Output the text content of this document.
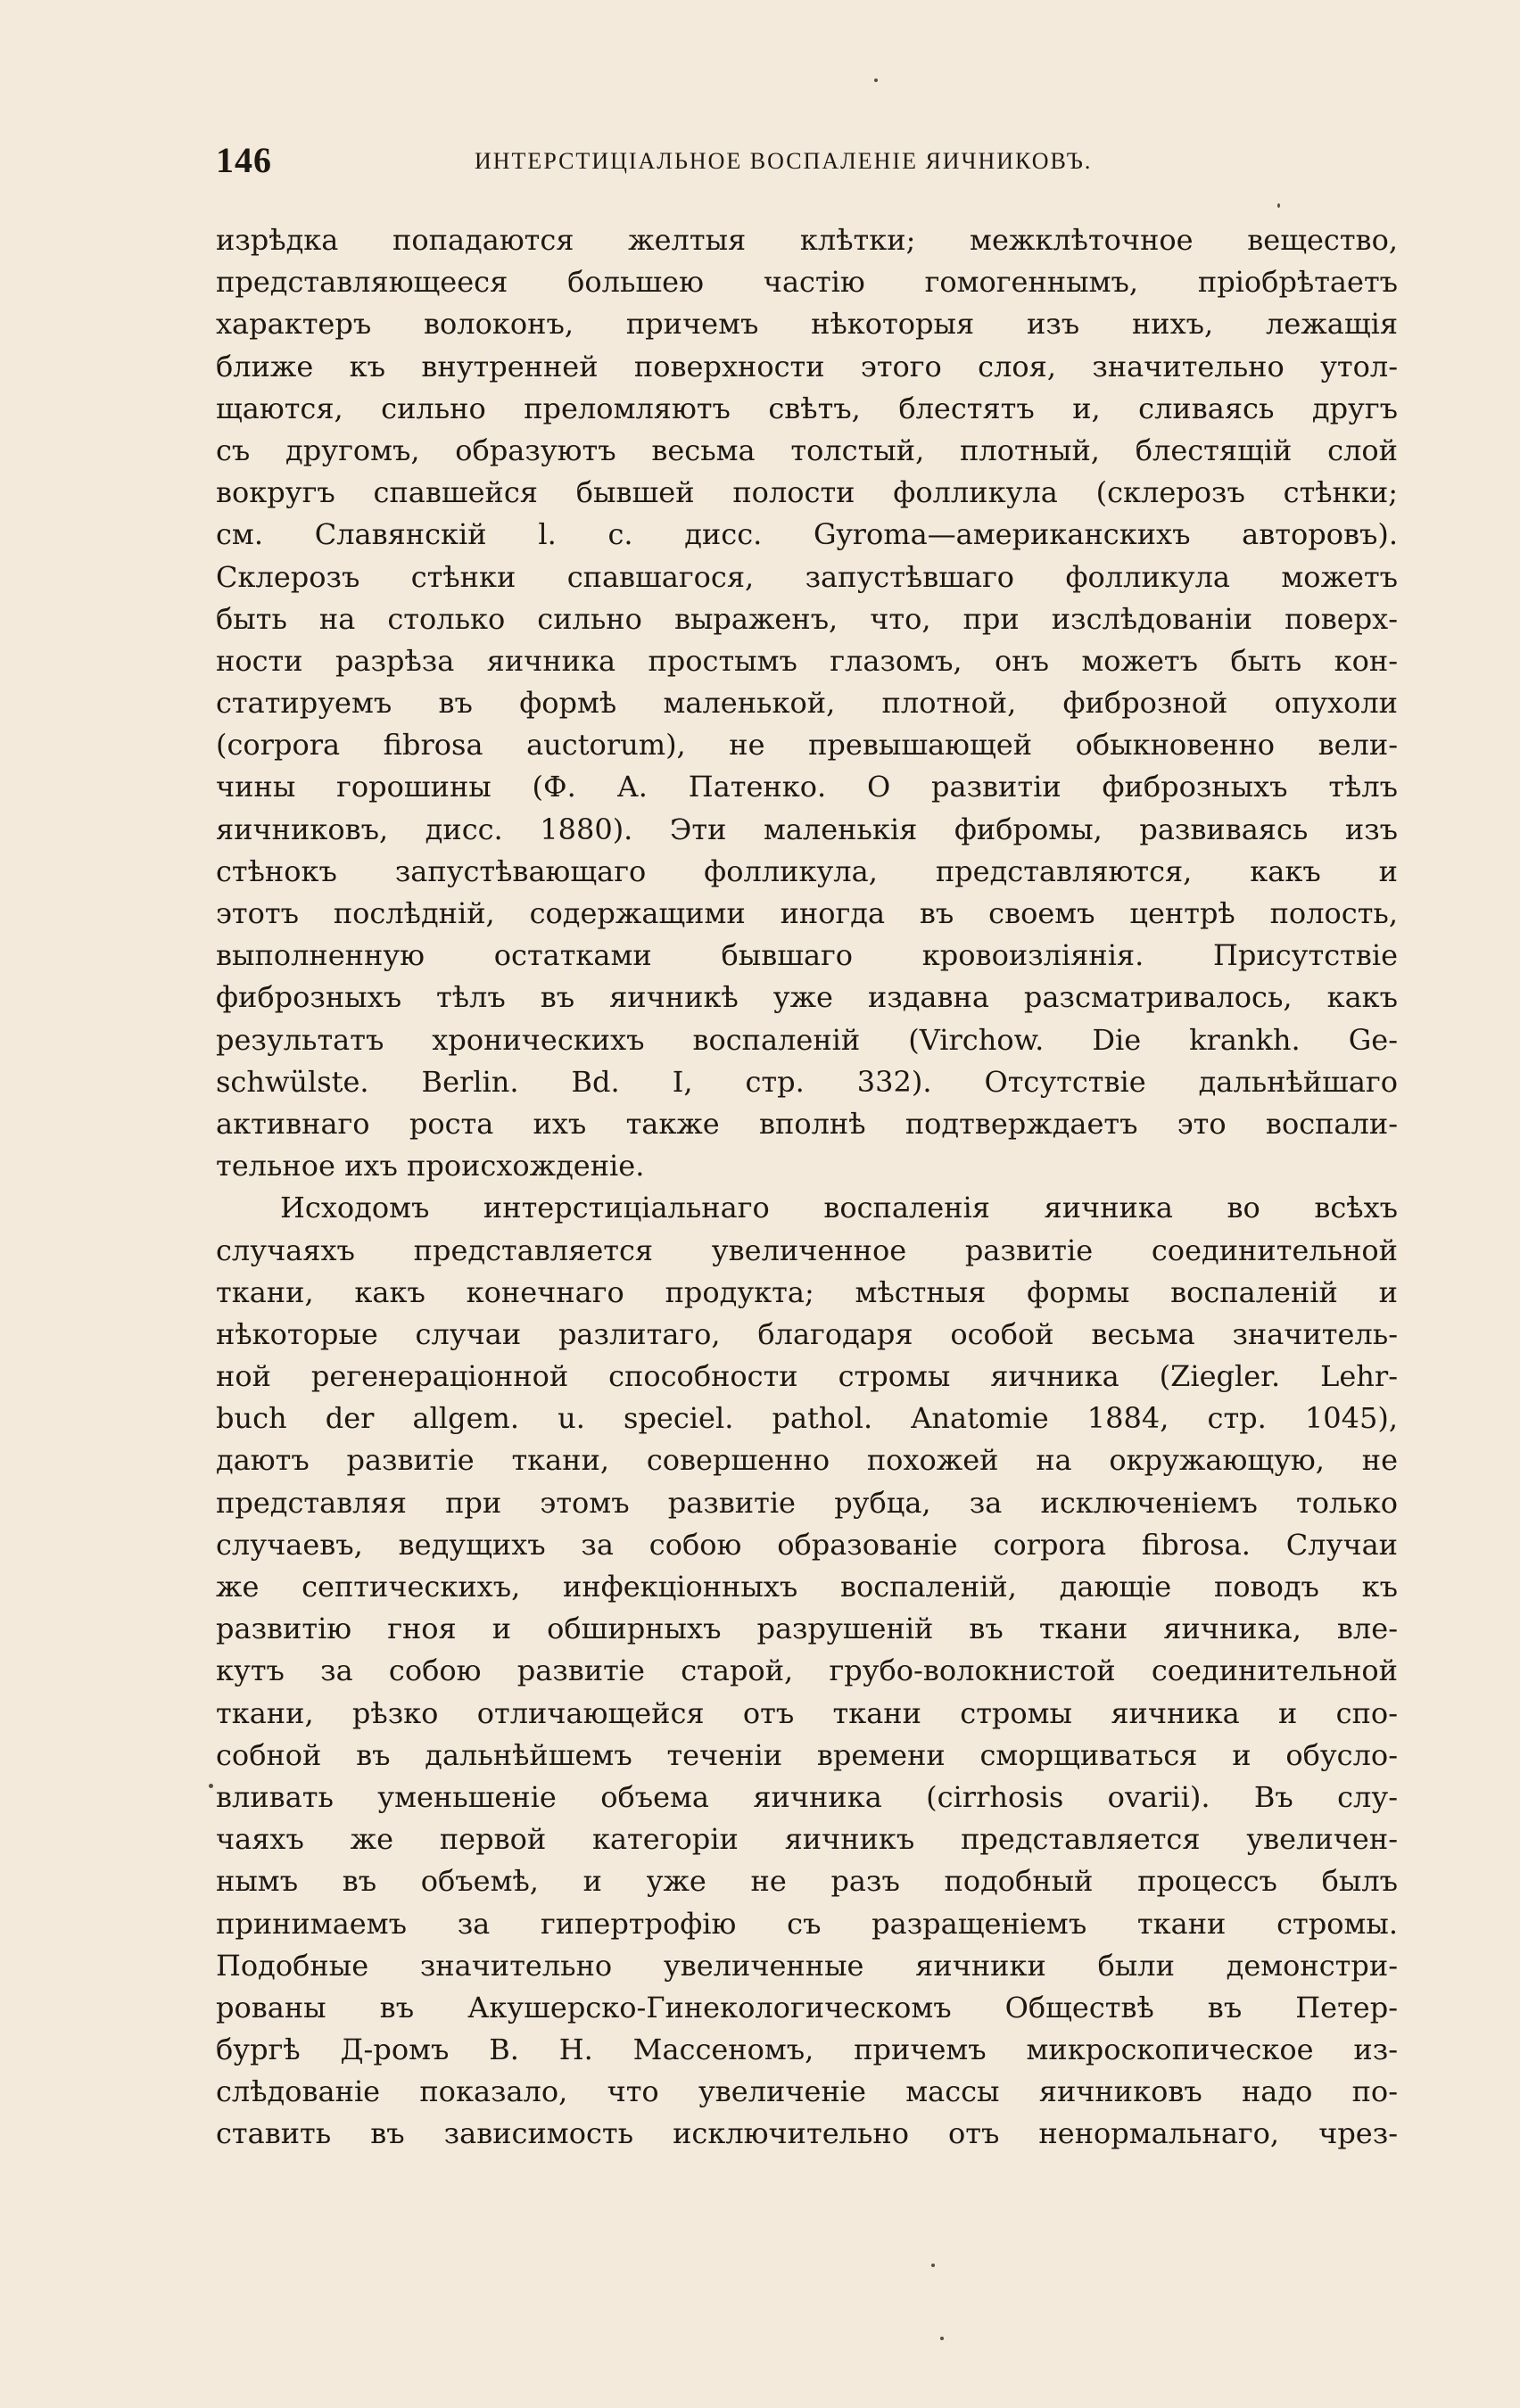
146	ИНТЕРСТИЦIАЛЬНОЕ ВОСПАЛЕНIЕ ЯИЧНИКОВЪ.
изрѣдка попадаются желтыя клѣтки; межклѣточное вещество,
представляющееся большею частію гомогеннымъ, пріобрѣтаетъ
характеръ волоконъ, причемъ нѣкоторыя изъ нихъ, лежащія
ближе къ внутренней поверхности этого слоя, значительно утол-
щаются, сильно преломляютъ свѣтъ, блестятъ и, сливаясь другъ
съ другомъ, образуютъ весьма толстый, плотный, блестящій слой
вокругъ спавшейся бывшей полости фолликула (склерозъ стѣнки;
см. Славянскій l. c. дисс. Gyroma—американскихъ авторовъ).
Склерозъ стѣнки спавшагося, запустѣвшаго фолликула можетъ
быть на столько сильно выраженъ, что, при изслѣдованіи поверх-
ности разрѣза яичника простымъ глазомъ, онъ можетъ быть кон-
статируемъ въ формѣ маленькой, плотной, фиброзной опухоли
(corpora fibrosa auctorum), не превышающей обыкновенно вели-
чины горошины (Ф. А. Патенко. О развитіи фиброзныхъ тѣлъ
яичниковъ, дисс. 1880). Эти маленькія фибромы, развиваясь изъ
стѣнокъ запустѣвающаго фолликула, представляются, какъ и
этотъ послѣдній, содержащими иногда въ своемъ центрѣ полость,
выполненную остатками бывшаго кровоизліянія. Присутствіе
фиброзныхъ тѣлъ въ яичникѣ уже издавна разсматривалось, какъ
результатъ хроническихъ воспаленій (Virchow. Die krankh. Ge-
schwülste. Berlin. Bd. I, стр. 332). Отсутствіе дальнѣйшаго
активнаго роста ихъ также вполнѣ подтверждаетъ это воспали-
тельное ихъ происхожденіе.
Исходомъ интерстиціальнаго воспаленія яичника во всѣхъ
случаяхъ представляется увеличенное развитіе соединительной
ткани, какъ конечнаго продукта; мѣстныя формы воспаленій и
нѣкоторые случаи разлитаго, благодаря особой весьма значитель-
ной регенераціонной способности стромы яичника (Ziegler. Lehr-
buch der allgem. u. speciel. pathol. Anatomie 1884, стр. 1045),
даютъ развитіе ткани, совершенно похожей на окружающую, не
представляя при этомъ развитіе рубца, за исключеніемъ только
случаевъ, ведущихъ за собою образованіе corpora fibrosa. Случаи
же септическихъ, инфекціонныхъ воспаленій, дающіе поводъ къ
развитію гноя и обширныхъ разрушеній въ ткани яичника, вле-
кутъ за собою развитіе старой, грубо-волокнистой соединительной
ткани, рѣзко отличающейся отъ ткани стромы яичника и спо-
собной въ дальнѣйшемъ теченіи времени сморщиваться и обусло-
вливать уменьшеніе объема яичника (cirrhosis ovarii). Въ слу-
чаяхъ же первой категоріи яичникъ представляется увеличен-
нымъ въ объемѣ, и уже не разъ подобный процессъ былъ
принимаемъ за гипертрофію съ разращеніемъ ткани стромы.
Подобные значительно увеличенные яичники были демонстри-
рованы въ Акушерско-Гинекологическомъ Обществѣ въ Петер-
бургѣ Д-ромъ В. Н. Массеномъ, причемъ микроскопическое из-
слѣдованіе показало, что увеличеніе массы яичниковъ надо по-
ставить въ зависимость исключительно отъ ненормальнаго, чрез-
